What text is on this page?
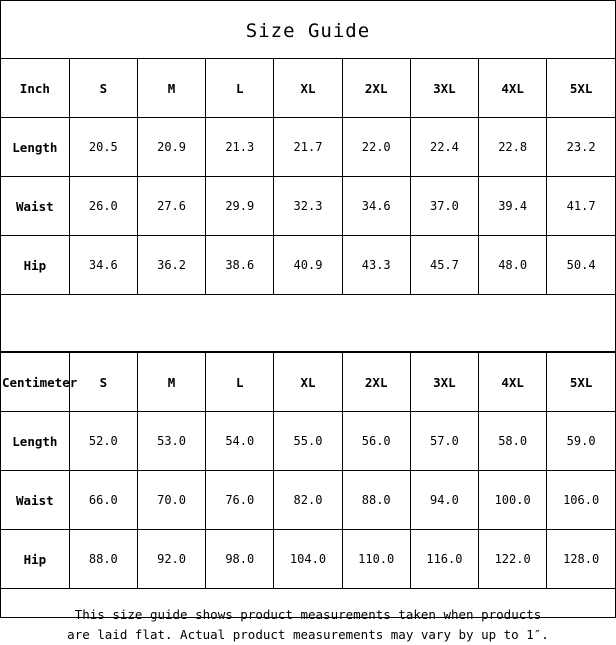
Size Guide
Inch	S	M	L	XL	2XL	3XL	4XL	5XL
Length	20.5	20.9	21.3	21.7	22.0	22.4	22.8	23.2
Waist	26.0	27.6	29.9	32.3	34.6	37.0	39.4	41.7
Hip	34.6	36.2	38.6	40.9	43.3	45.7	48.0	50.4
Centimeter	S	M	L	XL	2XL	3XL	4XL	5XL
Length	52.0	53.0	54.0	55.0	56.0	57.0	58.0	59.0
Waist	66.0	70.0	76.0	82.0	88.0	94.0	100.0	106.0
Hip	88.0	92.0	98.0	104.0	110.0	116.0	122.0	128.0
This size guide shows product measurements taken when products
are laid flat. Actual product measurements may vary by up to 1″.
